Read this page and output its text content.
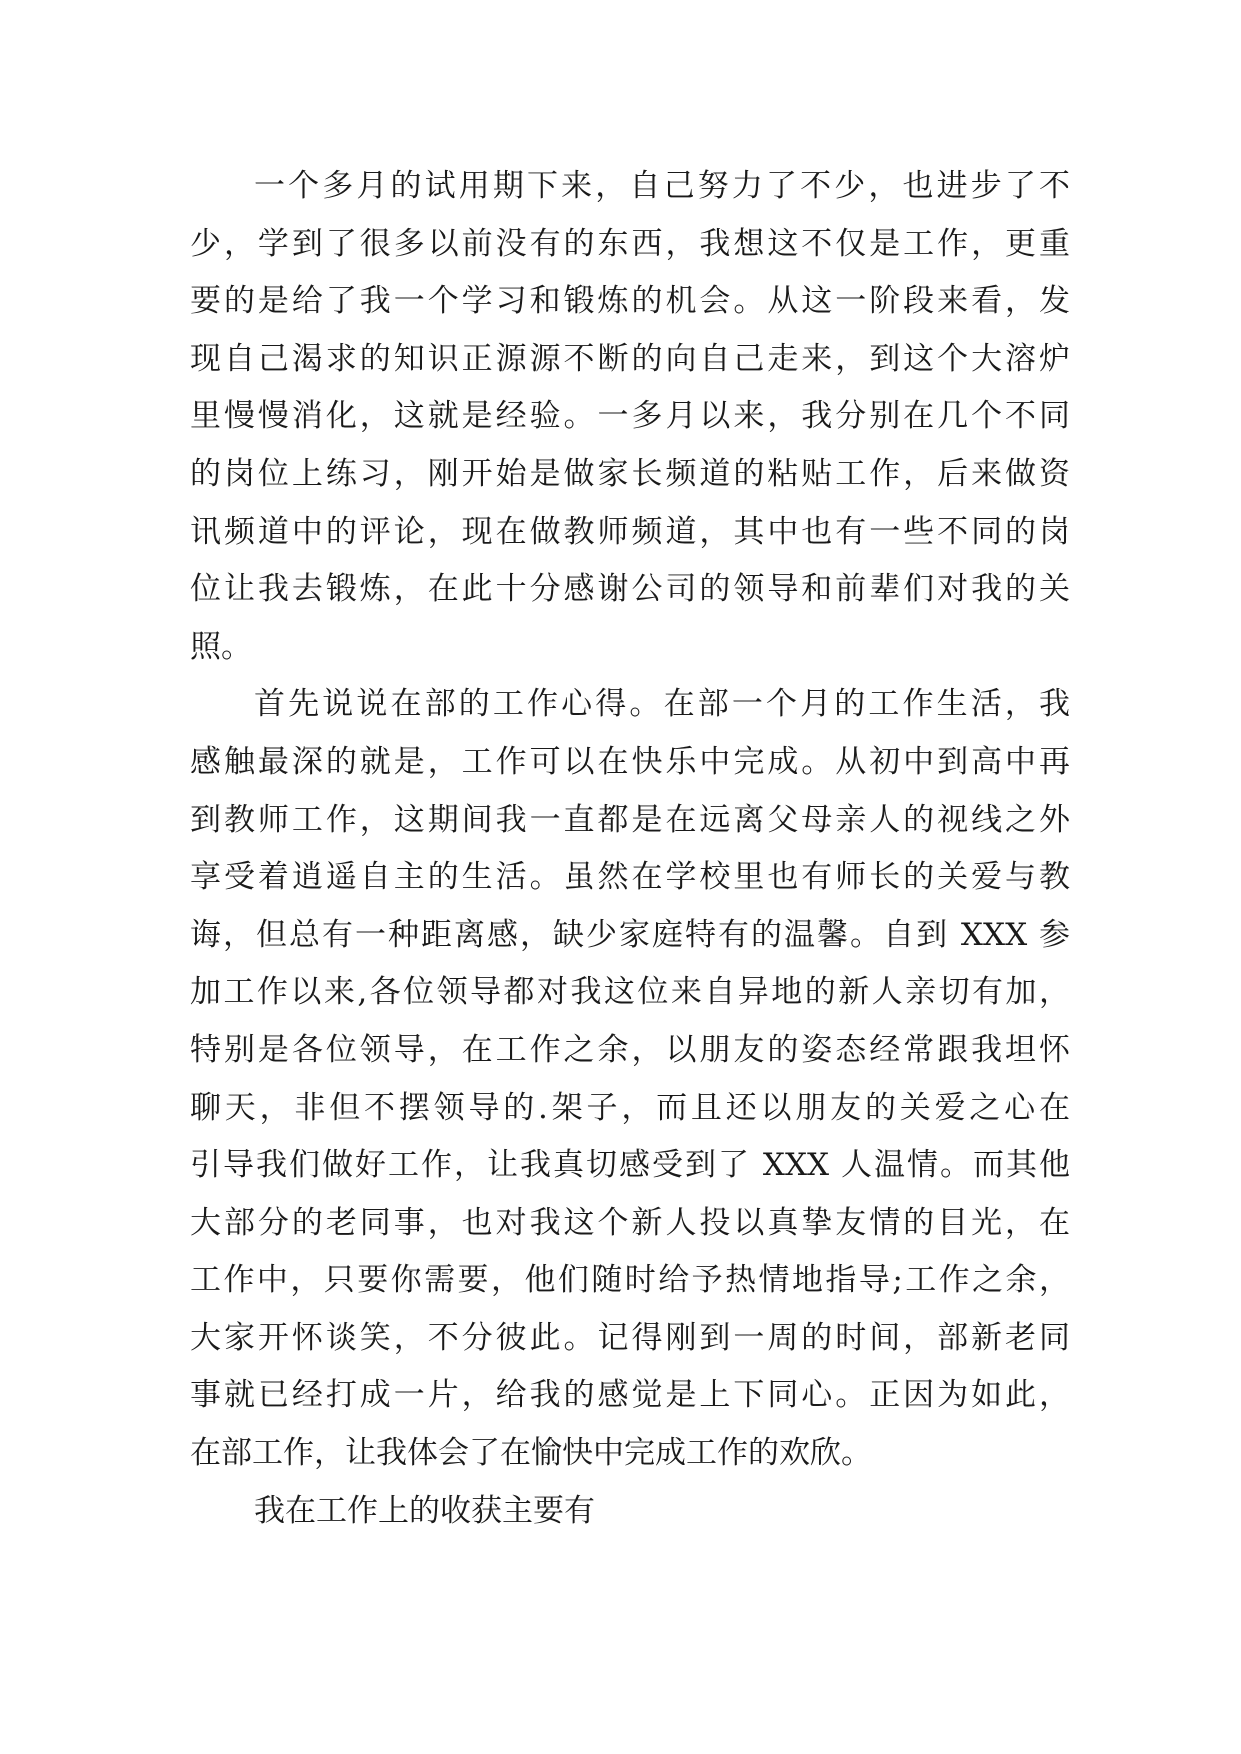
一个多月的试用期下来，自己努力了不少，也进步了不
少，学到了很多以前没有的东西，我想这不仅是工作，更重
要的是给了我一个学习和锻炼的机会。从这一阶段来看，发
现自己渴求的知识正源源不断的向自己走来，到这个大溶炉
里慢慢消化，这就是经验。一多月以来，我分别在几个不同
的岗位上练习，刚开始是做家长频道的粘贴工作，后来做资
讯频道中的评论，现在做教师频道，其中也有一些不同的岗
位让我去锻炼，在此十分感谢公司的领导和前辈们对我的关
照。
首先说说在部的工作心得。在部一个月的工作生活，我
感触最深的就是，工作可以在快乐中完成。从初中到高中再
到教师工作，这期间我一直都是在远离父母亲人的视线之外
享受着逍遥自主的生活。虽然在学校里也有师长的关爱与教
诲，但总有一种距离感，缺少家庭特有的温馨。自到 XXX 参
加工作以来,各位领导都对我这位来自异地的新人亲切有加，
特别是各位领导，在工作之余，以朋友的姿态经常跟我坦怀
聊天，非但不摆领导的.架子，而且还以朋友的关爱之心在
引导我们做好工作，让我真切感受到了 XXX 人温情。而其他
大部分的老同事，也对我这个新人投以真挚友情的目光，在
工作中，只要你需要，他们随时给予热情地指导;工作之余，
大家开怀谈笑，不分彼此。记得刚到一周的时间，部新老同
事就已经打成一片，给我的感觉是上下同心。正因为如此，
在部工作，让我体会了在愉快中完成工作的欢欣。
我在工作上的收获主要有
